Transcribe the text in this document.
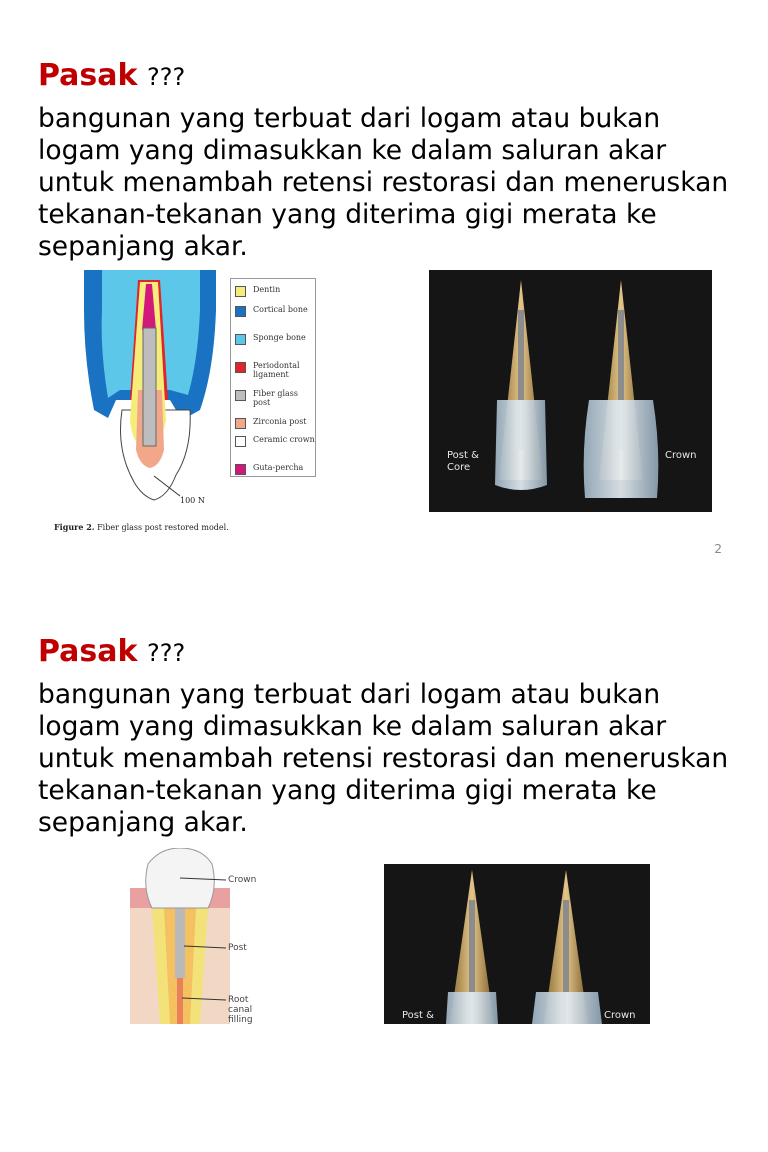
Pasak ???
bangunan yang terbuat dari logam atau bukan logam yang dimasukkan ke dalam saluran akar untuk menambah retensi restorasi dan meneruskan tekanan-tekanan yang diterima gigi merata ke sepanjang akar.
Dentin
Cortical bone
Sponge bone
Periodontal ligament
Fiber glass post
Zirconia post
Ceramic crown
Guta-percha
100 N
Figure 2. Fiber glass post restored model.
Post & Core
Crown
2
Pasak ???
bangunan yang terbuat dari logam atau bukan logam yang dimasukkan ke dalam saluran akar untuk menambah retensi restorasi dan meneruskan tekanan-tekanan yang diterima gigi merata ke sepanjang akar.
Crown
Post
Root canal filling	Post &	Crown
